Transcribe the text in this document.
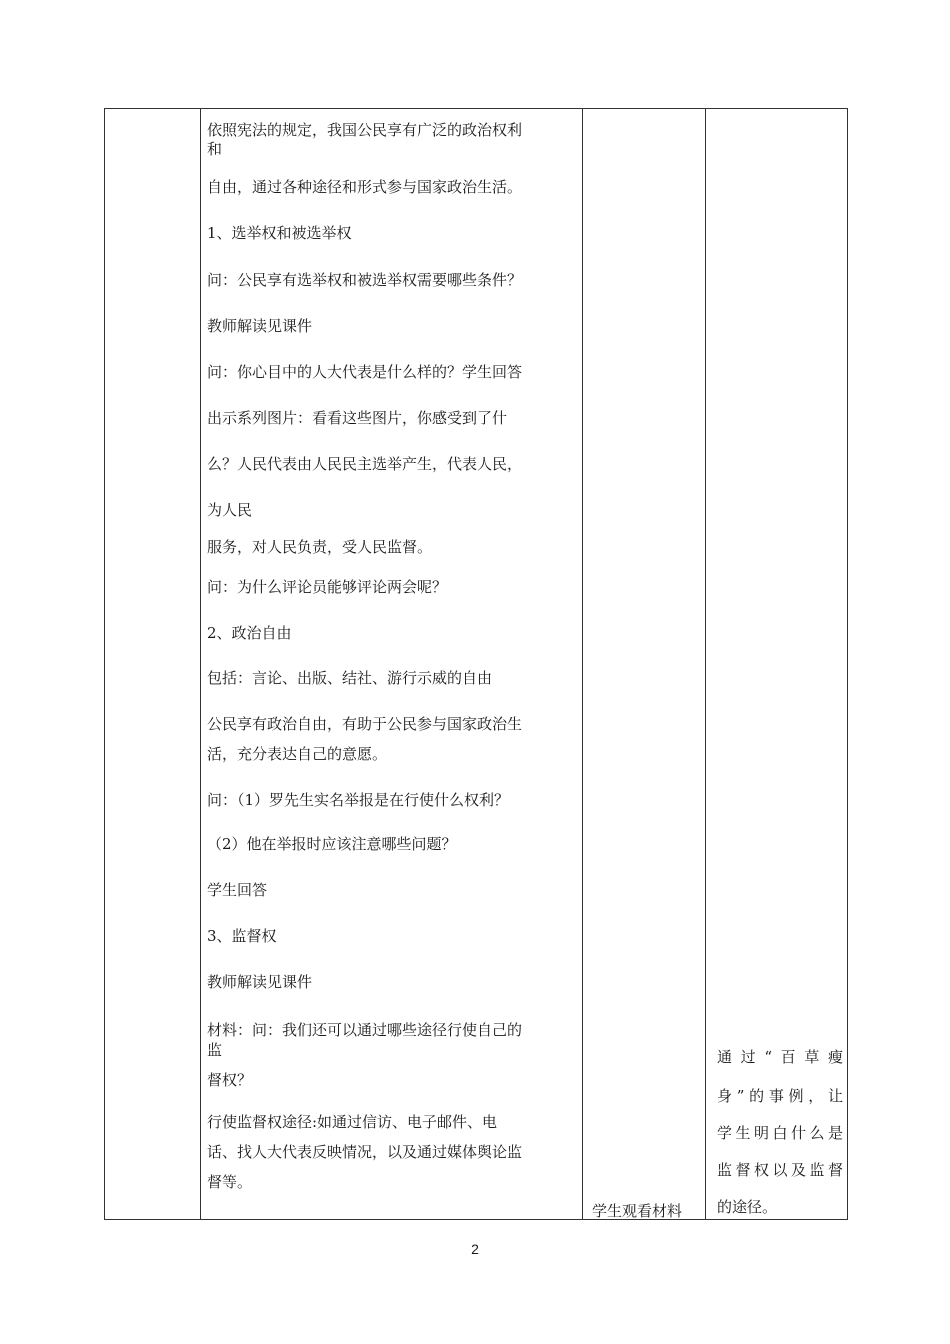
依照宪法的规定，我国公民享有广泛的政治权利
和
自由，通过各种途径和形式参与国家政治生活。
1、选举权和被选举权
问：公民享有选举权和被选举权需要哪些条件？
教师解读见课件
问：你心目中的人大代表是什么样的？学生回答
出示系列图片：看看这些图片，你感受到了什
么？人民代表由人民民主选举产生，代表人民，
为人民
服务，对人民负责，受人民监督。
问：为什么评论员能够评论两会呢？
2、政治自由
包括：言论、出版、结社、游行示威的自由
公民享有政治自由，有助于公民参与国家政治生
活，充分表达自己的意愿。
问：（1）罗先生实名举报是在行使什么权利？
（2）他在举报时应该注意哪些问题？
学生回答
3、监督权
教师解读见课件
材料：问：我们还可以通过哪些途径行使自己的
监
督权？
行使监督权途径:如通过信访、电子邮件、电
话、找人大代表反映情况，以及通过媒体舆论监
督等。
学生观看材料
通过“百草瘦
身”的事例，让
学生明白什么是
监督权以及监督
的途径。
2
